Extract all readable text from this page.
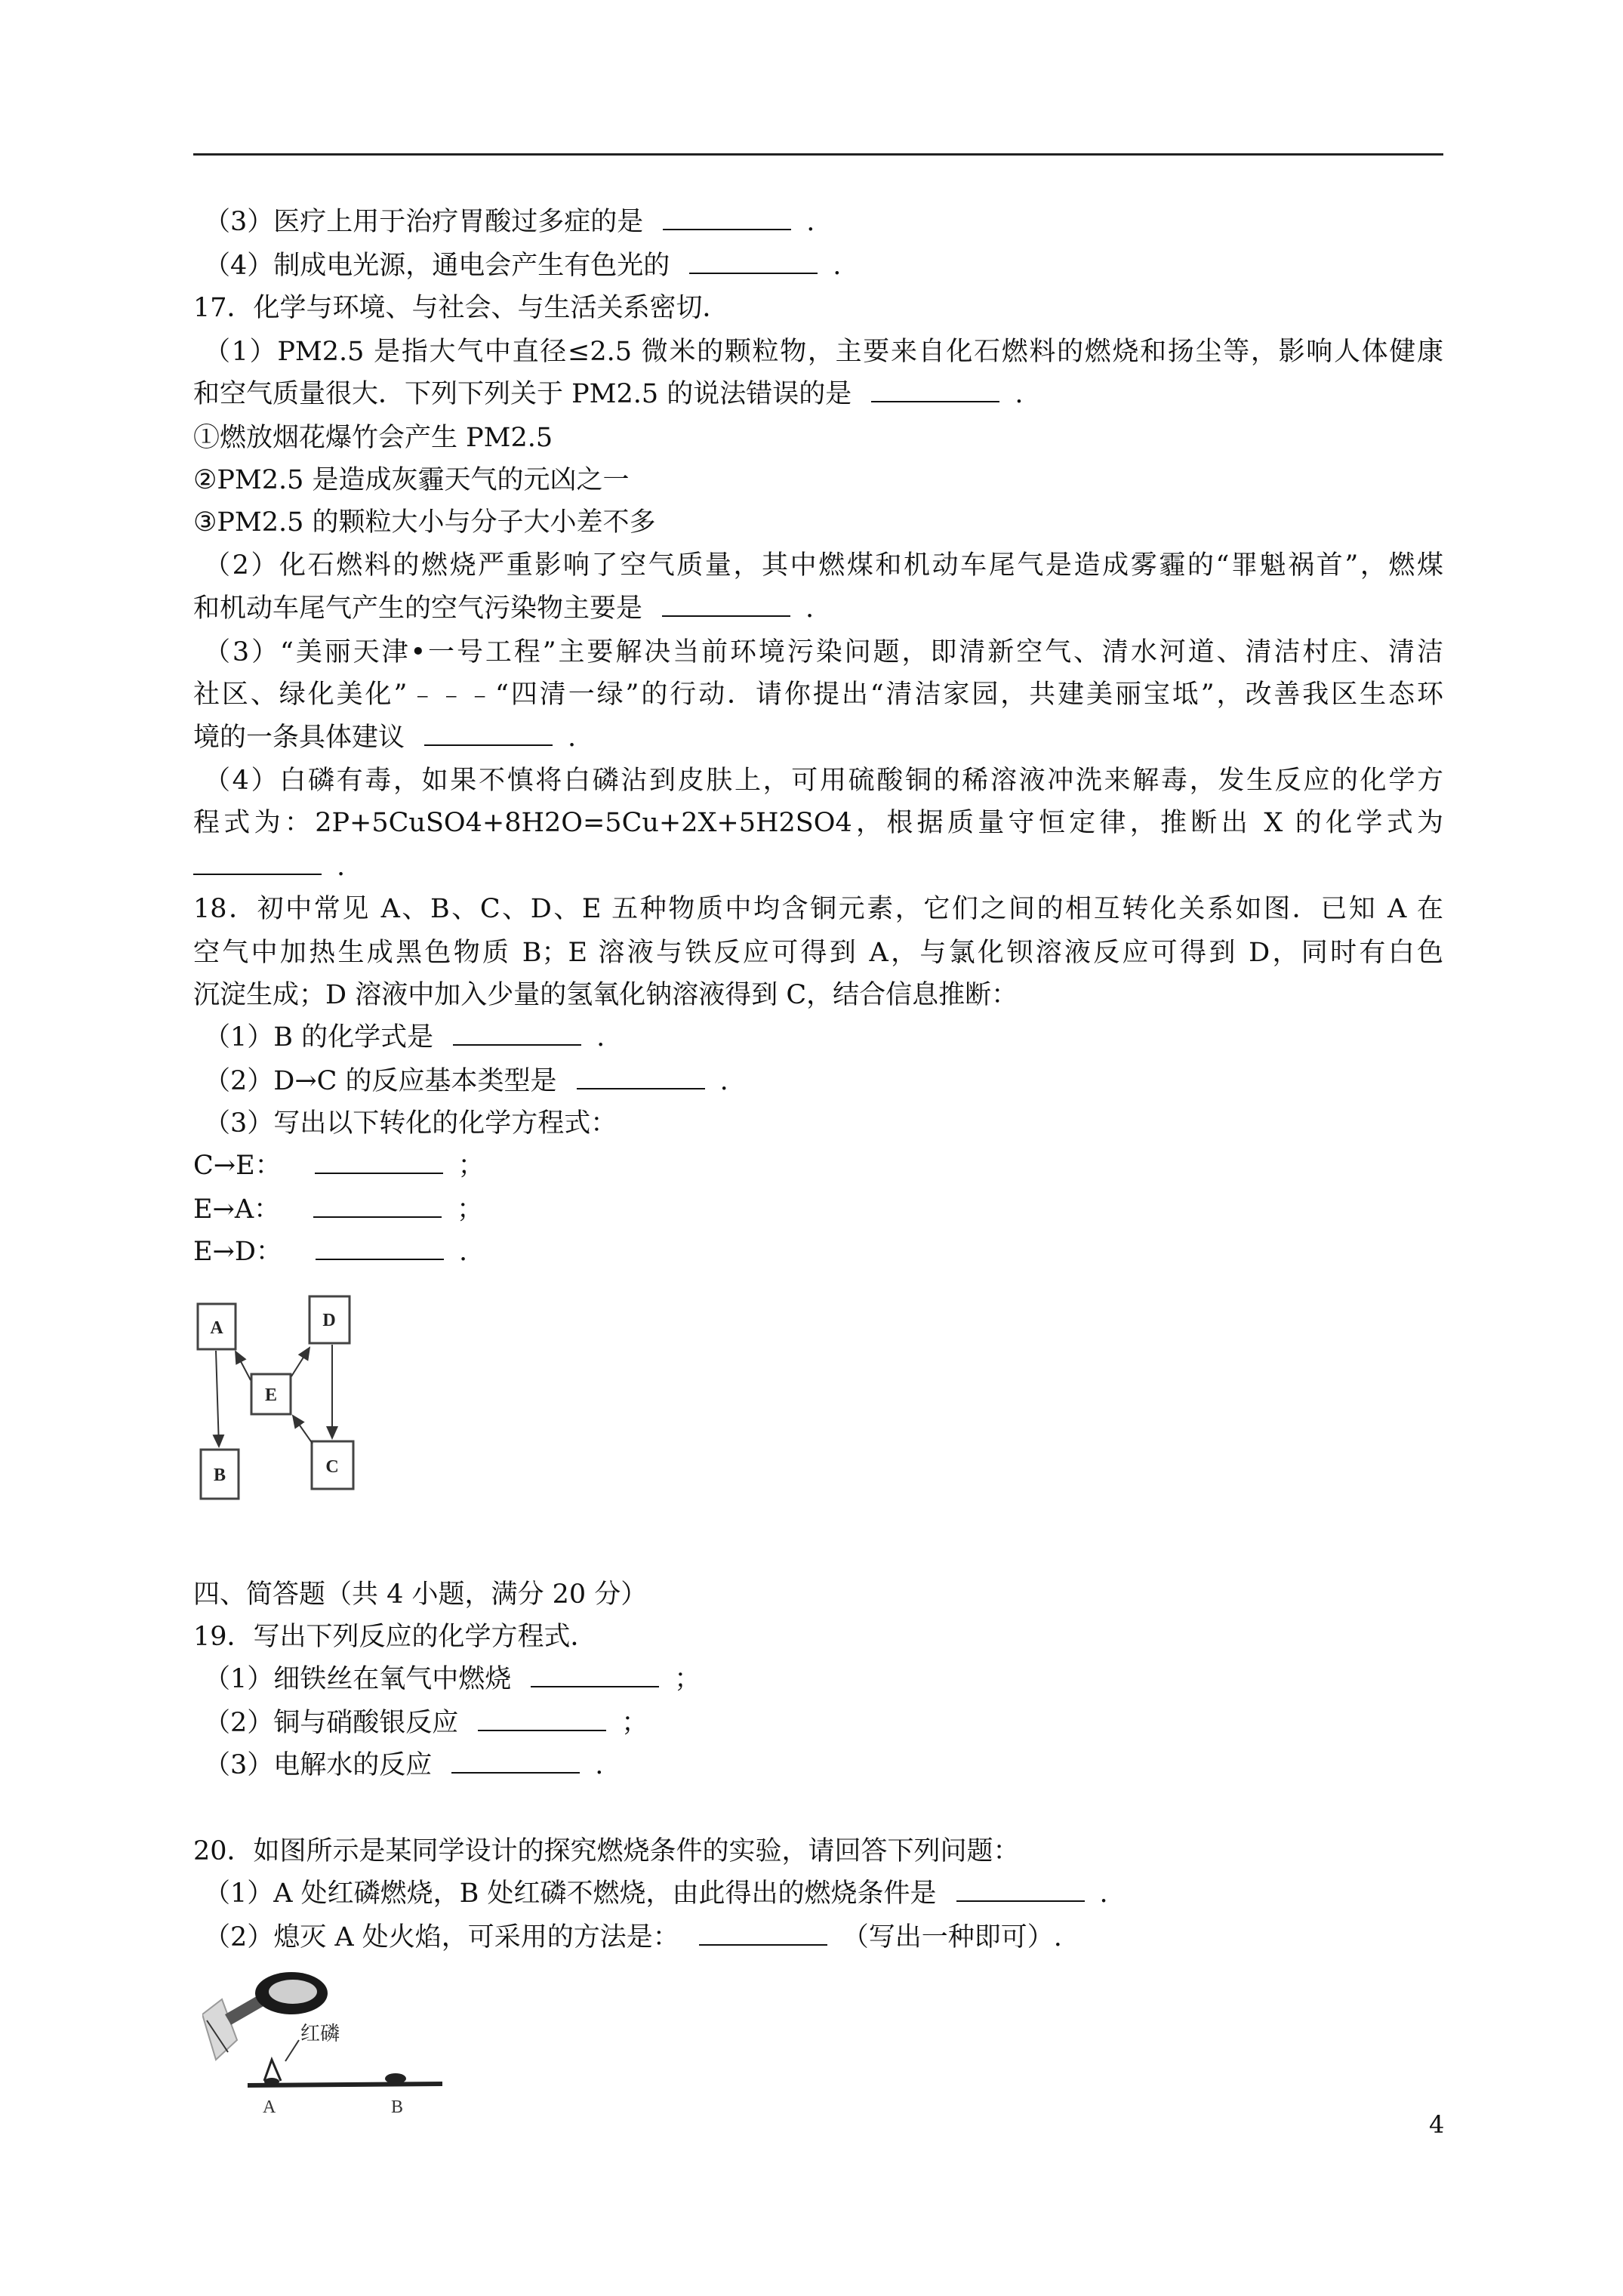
（3）医疗上用于治疗胃酸过多症的是	.
（4）制成电光源，通电会产生有色光的	.
17．化学与环境、与社会、与生活关系密切．
（1）PM2.5 是指大气中直径≤2.5 微米的颗粒物，主要来自化石燃料的燃烧和扬尘等，影响人体健康
和空气质量很大．下列下列关于 PM2.5 的说法错误的是	.
①燃放烟花爆竹会产生 PM2.5
②PM2.5 是造成灰霾天气的元凶之一
③PM2.5 的颗粒大小与分子大小差不多
（2）化石燃料的燃烧严重影响了空气质量，其中燃煤和机动车尾气是造成雾霾的“罪魁祸首”，燃煤
和机动车尾气产生的空气污染物主要是	.
（3）“美丽天津•一号工程”主要解决当前环境污染问题，即清新空气、清水河道、清洁村庄、清洁
社区、绿化美化”﹣﹣﹣“四清一绿”的行动．请你提出“清洁家园，共建美丽宝坻”，改善我区生态环
境的一条具体建议	.
（4）白磷有毒，如果不慎将白磷沾到皮肤上，可用硫酸铜的稀溶液冲洗来解毒，发生反应的化学方
程式为：2P+5CuSO4+8H2O=5Cu+2X+5H2SO4，根据质量守恒定律，推断出 X 的化学式为
.
18．初中常见 A、B、C、D、E 五种物质中均含铜元素，它们之间的相互转化关系如图．已知 A 在
空气中加热生成黑色物质 B；E 溶液与铁反应可得到 A，与氯化钡溶液反应可得到 D，同时有白色
沉淀生成；D 溶液中加入少量的氢氧化钠溶液得到 C，结合信息推断：
（1）B 的化学式是	.
（2）D→C 的反应基本类型是	.
（3）写出以下转化的化学方程式：
C→E：	；
E→A：	；
E→D：	.
A	D
E
B	C
四、简答题（共 4 小题，满分 20 分）
19．写出下列反应的化学方程式．
（1）细铁丝在氧气中燃烧	；
（2）铜与硝酸银反应	；
（3）电解水的反应	.
20．如图所示是某同学设计的探究燃烧条件的实验，请回答下列问题：
（1）A 处红磷燃烧，B 处红磷不燃烧，由此得出的燃烧条件是	.
（2）熄灭 A 处火焰，可采用的方法是：	（写出一种即可）.
红磷
A	B
4
